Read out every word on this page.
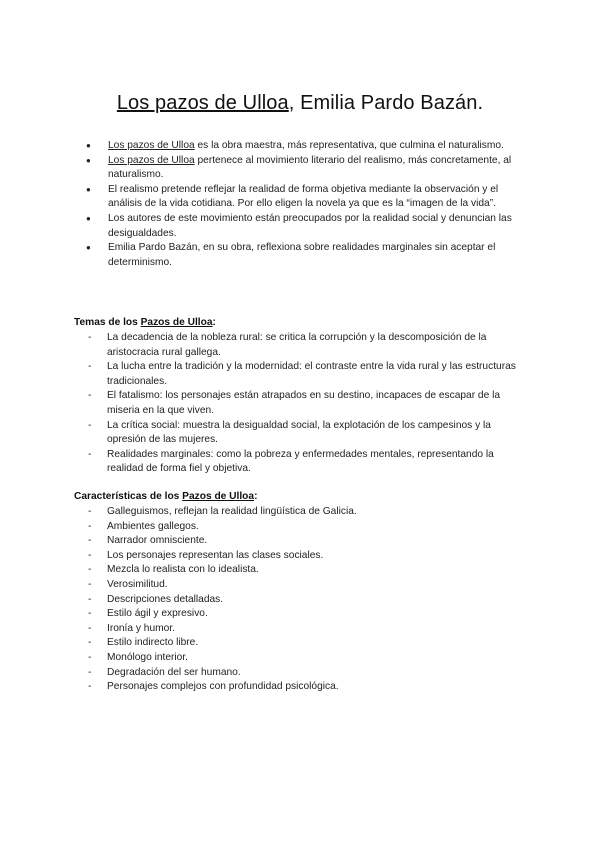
Los pazos de Ulloa, Emilia Pardo Bazán.
● Los pazos de Ulloa es la obra maestra, más representativa, que culmina el naturalismo.
● Los pazos de Ulloa pertenece al movimiento literario del realismo, más concretamente, al naturalismo.
● El realismo pretende reflejar la realidad de forma objetiva mediante la observación y el análisis de la vida cotidiana. Por ello eligen la novela ya que es la “imagen de la vida”.
● Los autores de este movimiento están preocupados por la realidad social y denuncian las desigualdades.
● Emilia Pardo Bazán, en su obra, reflexiona sobre realidades marginales sin aceptar el determinismo.
Temas de los Pazos de Ulloa:
- La decadencia de la nobleza rural: se critica la corrupción y la descomposición de la aristocracia rural gallega.
- La lucha entre la tradición y la modernidad: el contraste entre la vida rural y las estructuras tradicionales.
- El fatalismo: los personajes están atrapados en su destino, incapaces de escapar de la miseria en la que viven.
- La crítica social: muestra la desigualdad social, la explotación de los campesinos y la opresión de las mujeres.
- Realidades marginales: como la pobreza y enfermedades mentales, representando la realidad de forma fiel y objetiva.
Características de los Pazos de Ulloa:
- Galleguismos, reflejan la realidad lingüística de Galicia.
- Ambientes gallegos.
- Narrador omnisciente.
- Los personajes representan las clases sociales.
- Mezcla lo realista con lo idealista.
- Verosimilitud.
- Descripciones detalladas.
- Estilo ágil y expresivo.
- Ironía y humor.
- Estilo indirecto libre.
- Monólogo interior.
- Degradación del ser humano.
- Personajes complejos con profundidad psicológica.
